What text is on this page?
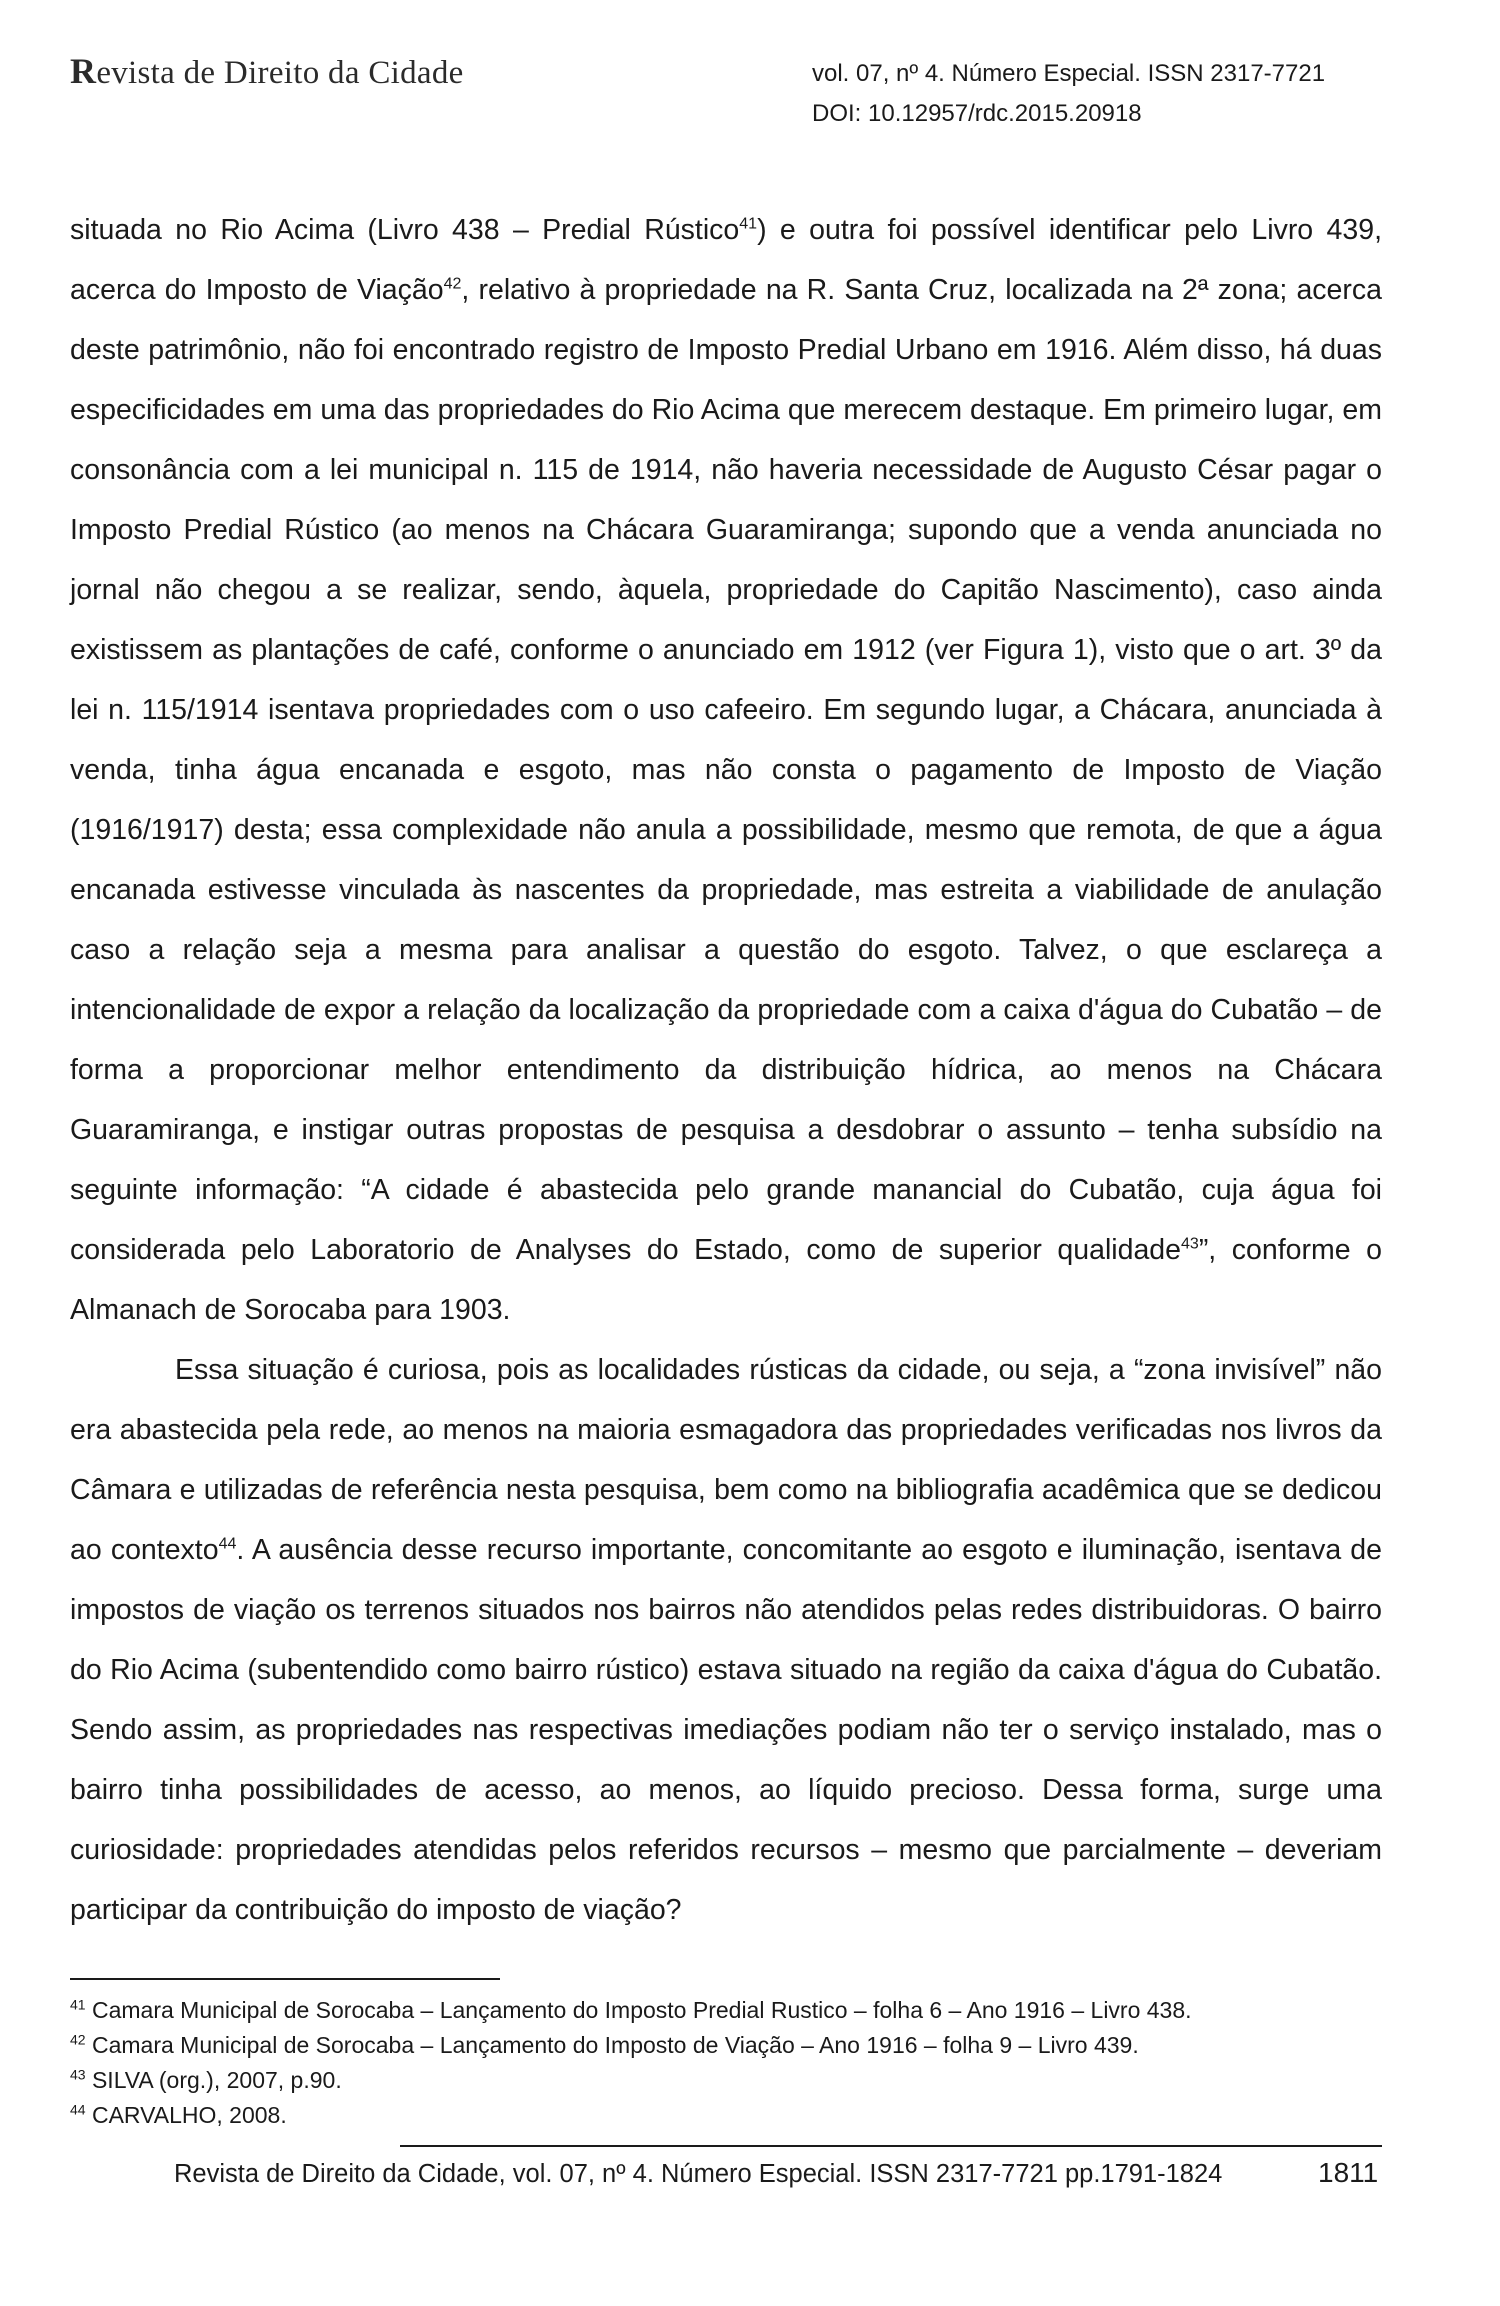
Revista de Direito da Cidade	vol. 07, nº 4. Número Especial. ISSN 2317-7721
DOI: 10.12957/rdc.2015.20918

situada no Rio Acima (Livro 438 – Predial Rústico$^{41}$) e outra foi possível identificar pelo Livro 439, acerca do Imposto de Viação$^{42}$, relativo à propriedade na R. Santa Cruz, localizada na 2ª zona; acerca deste patrimônio, não foi encontrado registro de Imposto Predial Urbano em 1916. Além disso, há duas especificidades em uma das propriedades do Rio Acima que merecem destaque. Em primeiro lugar, em consonância com a lei municipal n. 115 de 1914, não haveria necessidade de Augusto César pagar o Imposto Predial Rústico (ao menos na Chácara Guaramiranga; supondo que a venda anunciada no jornal não chegou a se realizar, sendo, àquela, propriedade do Capitão Nascimento), caso ainda existissem as plantações de café, conforme o anunciado em 1912 (ver Figura 1), visto que o art. 3º da lei n. 115/1914 isentava propriedades com o uso cafeeiro. Em segundo lugar, a Chácara, anunciada à venda, tinha água encanada e esgoto, mas não consta o pagamento de Imposto de Viação (1916/1917) desta; essa complexidade não anula a possibilidade, mesmo que remota, de que a água encanada estivesse vinculada às nascentes da propriedade, mas estreita a viabilidade de anulação caso a relação seja a mesma para analisar a questão do esgoto. Talvez, o que esclareça a intencionalidade de expor a relação da localização da propriedade com a caixa d'água do Cubatão – de forma a proporcionar melhor entendimento da distribuição hídrica, ao menos na Chácara Guaramiranga, e instigar outras propostas de pesquisa a desdobrar o assunto – tenha subsídio na seguinte informação: “A cidade é abastecida pelo grande manancial do Cubatão, cuja água foi considerada pelo Laboratorio de Analyses do Estado, como de superior qualidade$^{43}$”, conforme o Almanach de Sorocaba para 1903.

Essa situação é curiosa, pois as localidades rústicas da cidade, ou seja, a “zona invisível” não era abastecida pela rede, ao menos na maioria esmagadora das propriedades verificadas nos livros da Câmara e utilizadas de referência nesta pesquisa, bem como na bibliografia acadêmica que se dedicou ao contexto$^{44}$. A ausência desse recurso importante, concomitante ao esgoto e iluminação, isentava de impostos de viação os terrenos situados nos bairros não atendidos pelas redes distribuidoras. O bairro do Rio Acima (subentendido como bairro rústico) estava situado na região da caixa d'água do Cubatão. Sendo assim, as propriedades nas respectivas imediações podiam não ter o serviço instalado, mas o bairro tinha possibilidades de acesso, ao menos, ao líquido precioso. Dessa forma, surge uma curiosidade: propriedades atendidas pelos referidos recursos – mesmo que parcialmente – deveriam participar da contribuição do imposto de viação?

$^{41}$ Camara Municipal de Sorocaba – Lançamento do Imposto Predial Rustico – folha 6 – Ano 1916 – Livro 438.
$^{42}$ Camara Municipal de Sorocaba – Lançamento do Imposto de Viação – Ano 1916 – folha 9 – Livro 439.
$^{43}$ SILVA (org.), 2007, p.90.
$^{44}$ CARVALHO, 2008.
Revista de Direito da Cidade, vol. 07, nº 4. Número Especial. ISSN 2317-7721 pp.1791-1824	1811
